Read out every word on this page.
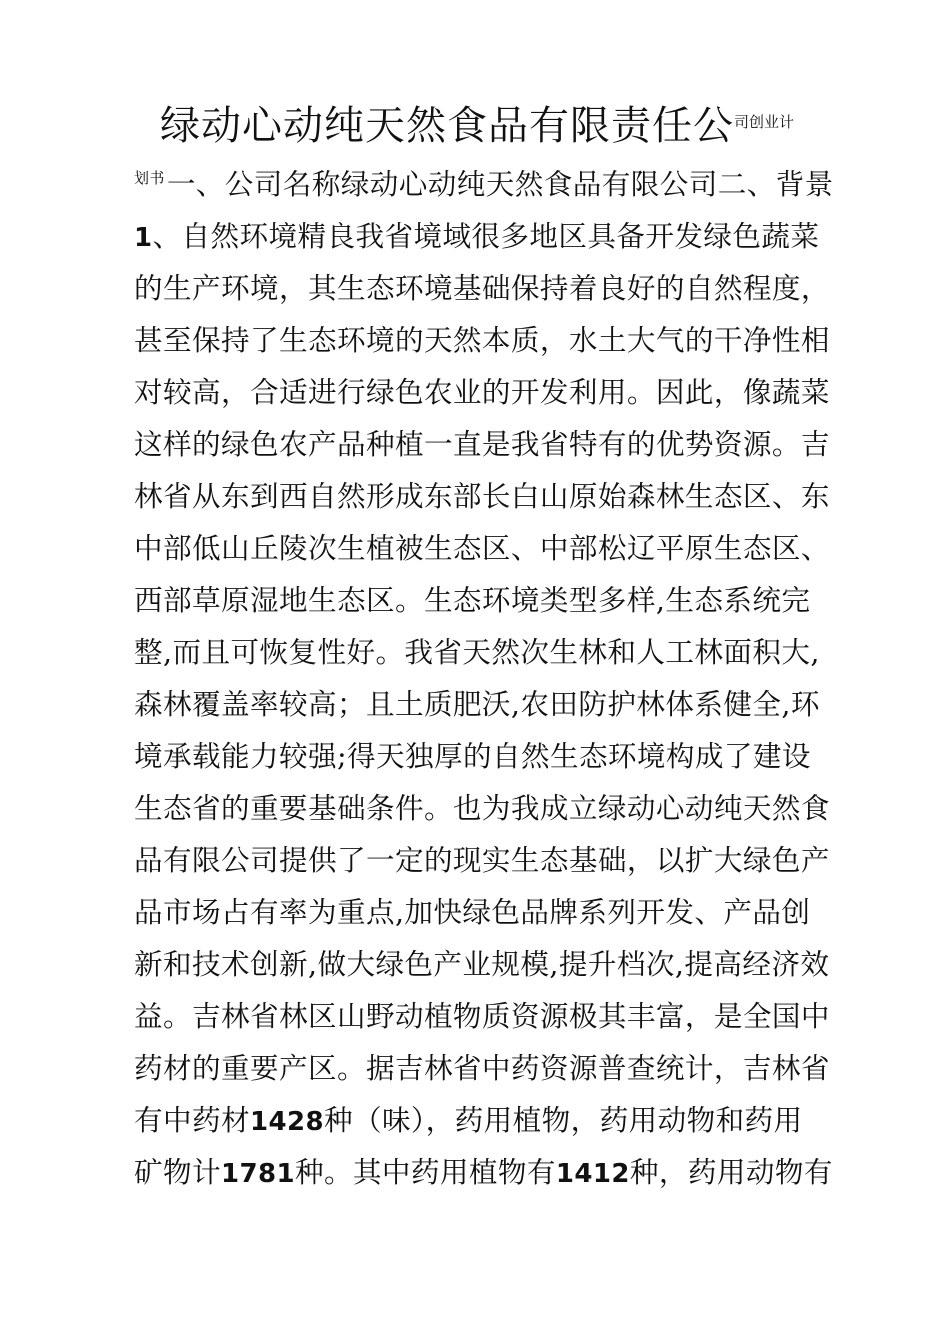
绿动心动纯天然食品有限责任公司创业计
$^{划书}$一、公司名称绿动心动纯天然食品有限公司二、背景
1、自然环境精良我省境域很多地区具备开发绿色蔬菜
的生产环境，其生态环境基础保持着良好的自然程度，
甚至保持了生态环境的天然本质，水土大气的干净性相
对较高，合适进行绿色农业的开发利用。因此，像蔬菜
这样的绿色农产品种植一直是我省特有的优势资源。吉
林省从东到西自然形成东部长白山原始森林生态区、东
中部低山丘陵次生植被生态区、中部松辽平原生态区、
西部草原湿地生态区。生态环境类型多样,生态系统完
整,而且可恢复性好。我省天然次生林和人工林面积大,
森林覆盖率较高；且土质肥沃,农田防护林体系健全,环
境承载能力较强;得天独厚的自然生态环境构成了建设
生态省的重要基础条件。也为我成立绿动心动纯天然食
品有限公司提供了一定的现实生态基础，以扩大绿色产
品市场占有率为重点,加快绿色品牌系列开发、产品创
新和技术创新,做大绿色产业规模,提升档次,提高经济效
益。吉林省林区山野动植物质资源极其丰富，是全国中
药材的重要产区。据吉林省中药资源普查统计，吉林省
有中药材1428种（味），药用植物，药用动物和药用
矿物计1781种。其中药用植物有1412种，药用动物有
